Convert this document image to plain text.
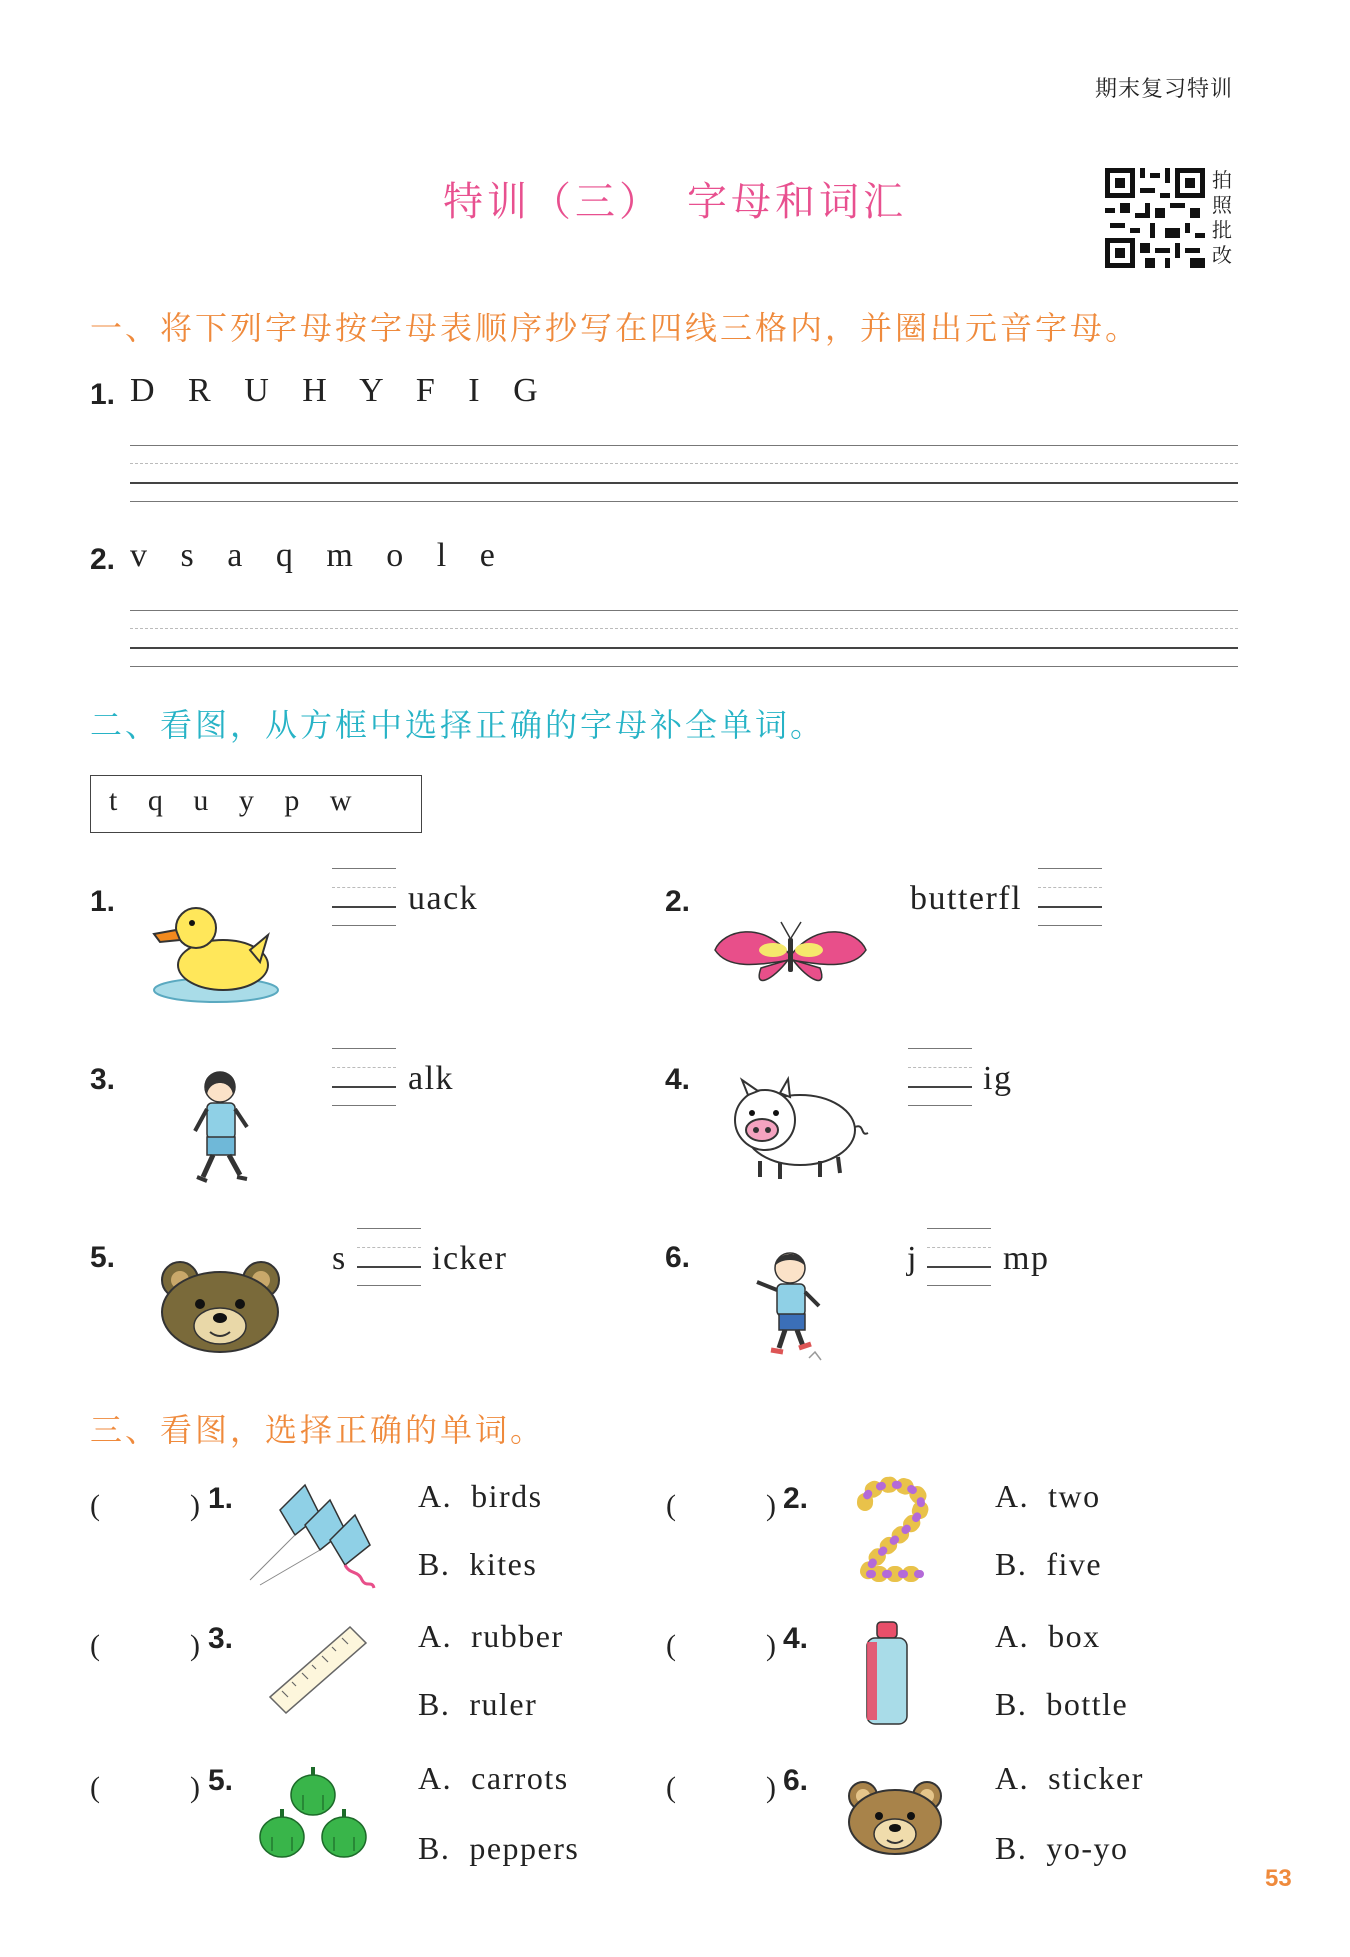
期末复习特训
特训（三）　字母和词汇	拍照批改
一、将下列字母按字母表顺序抄写在四线三格内，并圈出元音字母。
1. D   R   U   H   Y   F   I   G
2. v   s   a   q   m   o   l   e
二、看图，从方框中选择正确的字母补全单词。
t   q   u   y   p   w
1.	uack	2.	butterfl
3.	alk	4.	ig
5.	s	icker	6.	j	mp
三、看图，选择正确的单词。
(　　　) 1.	A.  birds
B.  kites
(　　　) 2.	A.  two
B.  five
(　　　) 3.	A.  rubber
B.  ruler
(　　　) 4.	A.  box
B.  bottle
(　　　) 5.	A.  carrots
B.  peppers
(　　　) 6.	A.  sticker
B.  yo-yo
53
